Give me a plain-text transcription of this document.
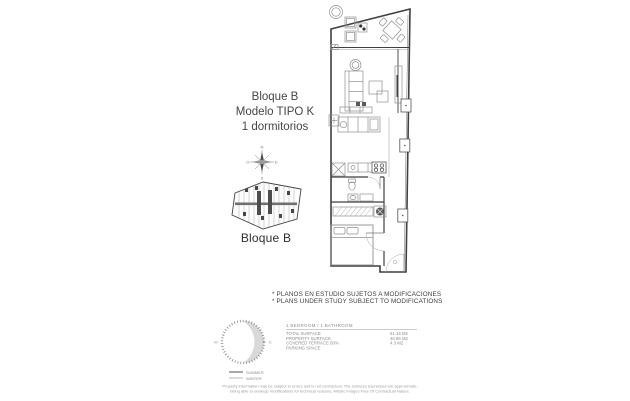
Bloque B
Modelo TIPO K
1 dormitorios
N
E
S
O
Bloque B
* PLANOS EN ESTUDIO SUJETOS A MODIFICACIONES
* PLANS UNDER STUDY SUBJECT TO MODIFICATIONS
W	E
SUMMER
WINTER
1 BEDROOM / 1 BATHROOM
TOTAL SURFACE	51.16 M2
PROPERTY SURFACE	46.86 M2
COVERED TERRACE 50%	4.3 M2
PARKING SPACE
Property information may be subject to errors and is not contractual. The surfaces expressed are approximate,
being able to undergo modifications for technical reasons. Artistic Images Free Of Contractual Nature.
